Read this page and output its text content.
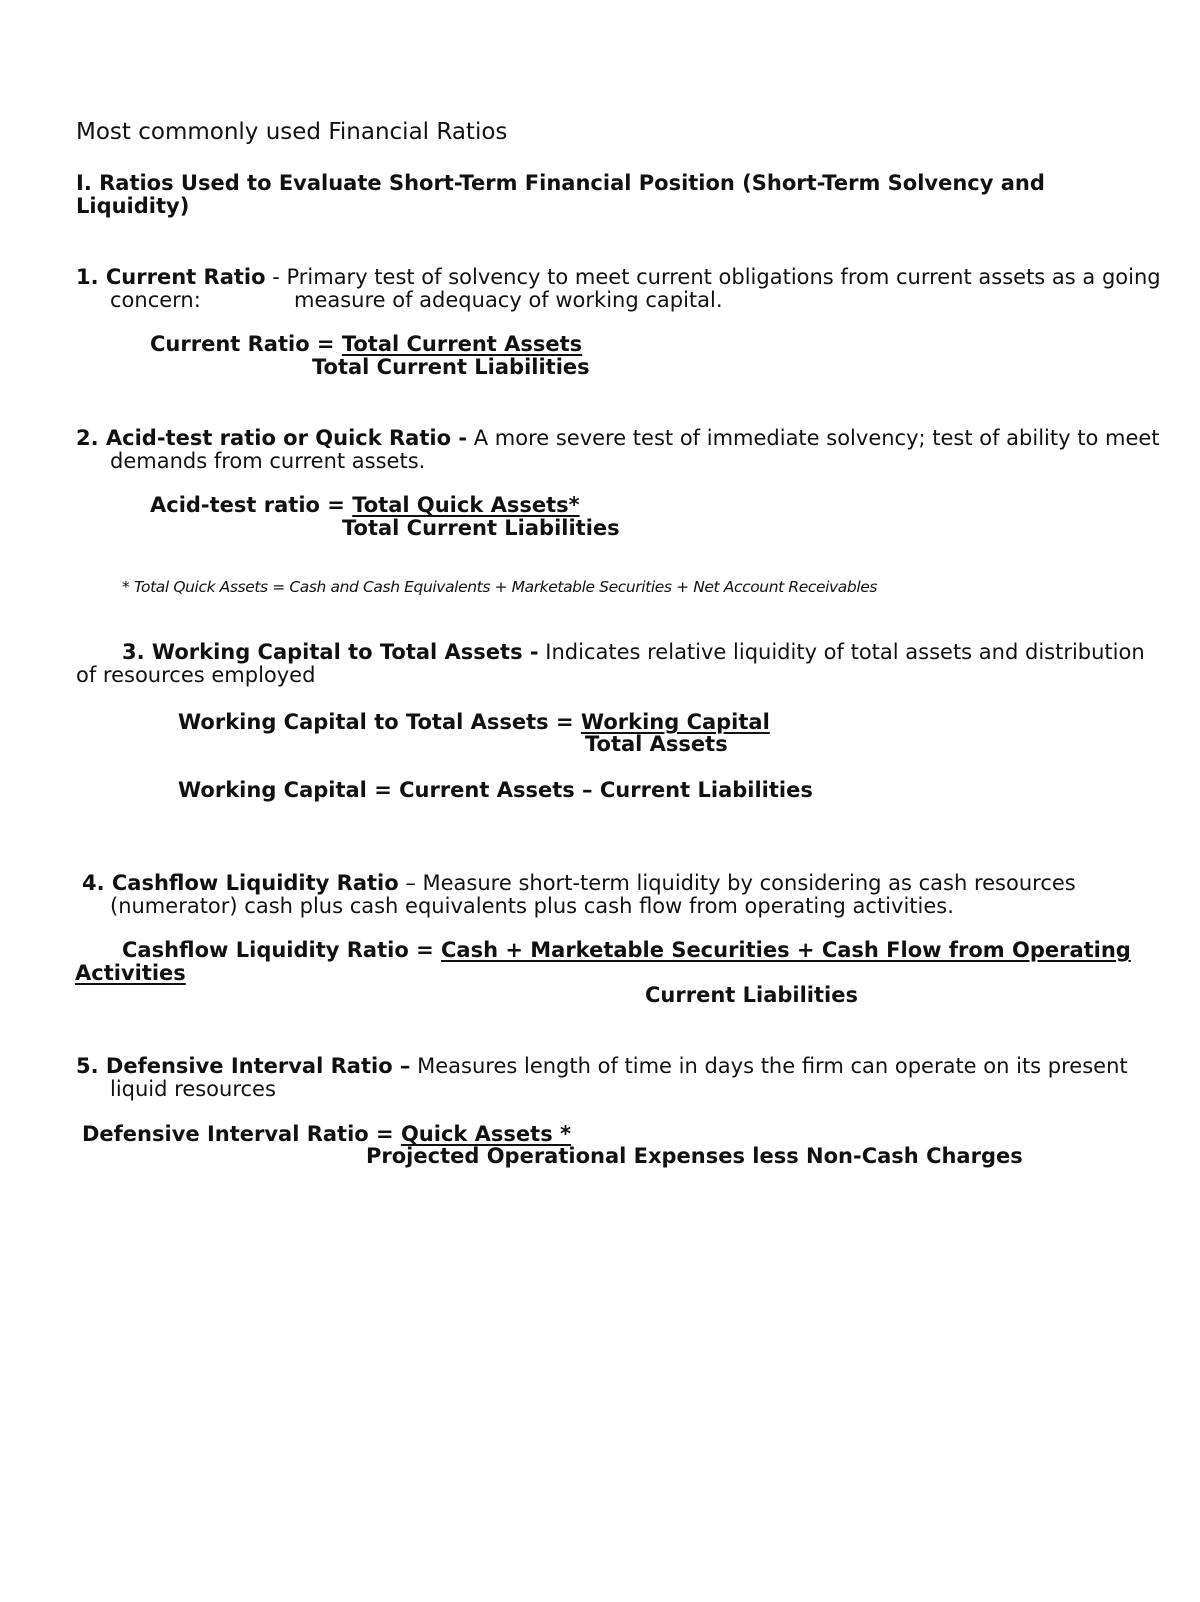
Most commonly used Financial Ratios
I. Ratios Used to Evaluate Short-Term Financial Position (Short-Term Solvency and
Liquidity)
1. Current Ratio - Primary test of solvency to meet current obligations from current assets as a going
concern:	measure of adequacy of working capital.
Current Ratio = Total Current Assets
Total Current Liabilities
2. Acid-test ratio or Quick Ratio - A more severe test of immediate solvency; test of ability to meet
demands from current assets.
Acid-test ratio = Total Quick Assets*
Total Current Liabilities
* Total Quick Assets = Cash and Cash Equivalents + Marketable Securities + Net Account Receivables
3. Working Capital to Total Assets - Indicates relative liquidity of total assets and distribution
of resources employed
Working Capital to Total Assets = Working Capital
Total Assets
Working Capital = Current Assets – Current Liabilities
4. Cashflow Liquidity Ratio – Measure short-term liquidity by considering as cash resources
(numerator) cash plus cash equivalents plus cash flow from operating activities.
Cashflow Liquidity Ratio = Cash + Marketable Securities + Cash Flow from Operating
Activities
Current Liabilities
5. Defensive Interval Ratio – Measures length of time in days the firm can operate on its present
liquid resources
Defensive Interval Ratio = Quick Assets *
Projected Operational Expenses less Non-Cash Charges
